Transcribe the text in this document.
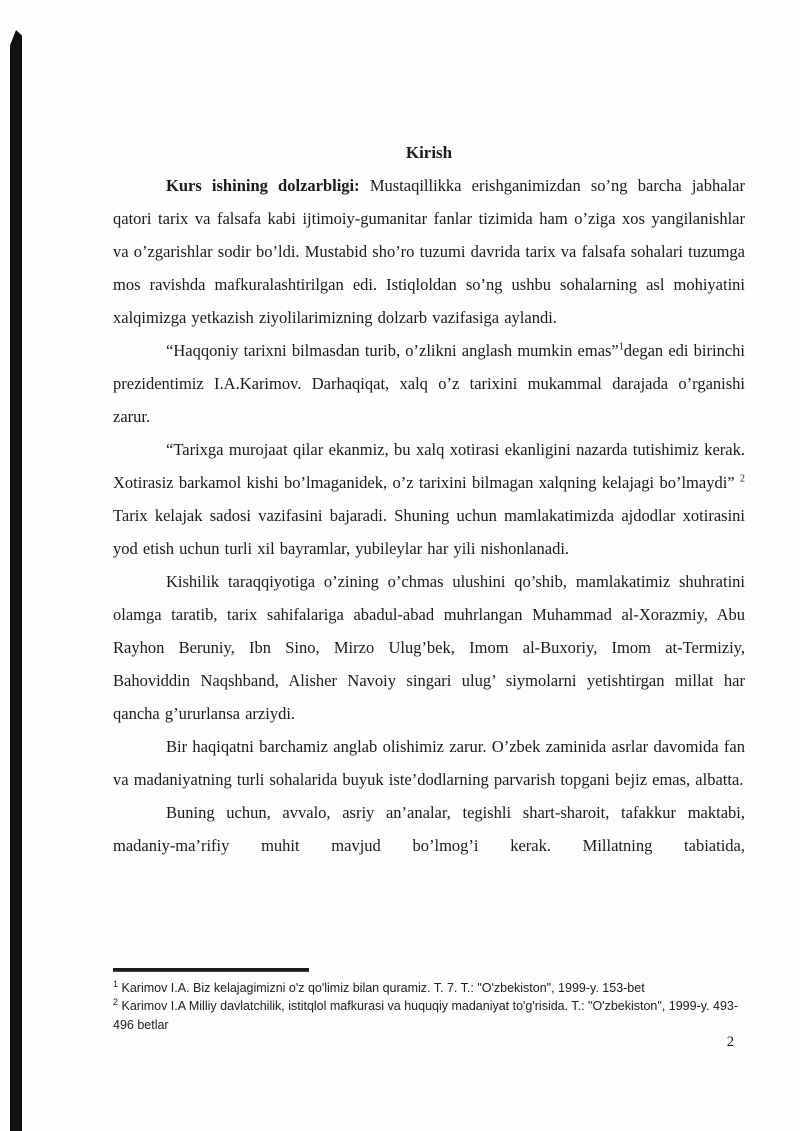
Kirish

Kurs ishining dolzarbligi: Mustaqillikka erishganimizdan so’ng barcha jabhalar qatori tarix va falsafa kabi ijtimoiy-gumanitar fanlar tizimida ham o’ziga xos yangilanishlar va o’zgarishlar sodir bo’ldi. Mustabid sho’ro tuzumi davrida tarix va falsafa sohalari tuzumga mos ravishda mafkuralashtirilgan edi. Istiqloldan so’ng ushbu sohalarning asl mohiyatini xalqimizga yetkazish ziyolilarimizning dolzarb vazifasiga aylandi.

“Haqqoniy tarixni bilmasdan turib, o’zlikni anglash mumkin emas”$^1$degan edi birinchi prezidentimiz I.A.Karimov. Darhaqiqat, xalq o’z tarixini mukammal darajada o’rganishi zarur.

“Tarixga murojaat qilar ekanmiz, bu xalq xotirasi ekanligini nazarda tutishimiz kerak. Xotirasiz barkamol kishi bo’lmaganidek, o’z tarixini bilmagan xalqning kelajagi bo’lmaydi” $^2$ Tarix kelajak sadosi vazifasini bajaradi. Shuning uchun mamlakatimizda ajdodlar xotirasini yod etish uchun turli xil bayramlar, yubileylar har yili nishonlanadi.

Kishilik taraqqiyotiga o’zining o’chmas ulushini qo’shib, mamlakatimiz shuhratini olamga taratib, tarix sahifalariga abadul-abad muhrlangan Muhammad al-Xorazmiy, Abu Rayhon Beruniy, Ibn Sino, Mirzo Ulug’bek, Imom al-Buxoriy, Imom at-Termiziy, Bahoviddin Naqshband, Alisher Navoiy singari ulug’ siymolarni yetishtirgan millat har qancha g’ururlansa arziydi.

Bir haqiqatni barchamiz anglab olishimiz zarur. O’zbek zaminida asrlar davomida fan va madaniyatning turli sohalarida buyuk iste’dodlarning parvarish topgani bejiz emas, albatta.

Buning uchun, avvalo, asriy an’analar, tegishli shart-sharoit, tafakkur maktabi, madaniy-ma’rifiy muhit mavjud bo’lmog’i kerak. Millatning tabiatida,

$^1$ Karimov I.A. Biz kelajagimizni o'z qo'limiz bilan quramiz. T. 7. T.: "O'zbekiston", 1999-y. 153-bet

$^2$ Karimov I.A Milliy davlatchilik, istitqlol mafkurasi va huquqiy madaniyat to'g'risida. T.: "O'zbekiston", 1999-y. 493-496 betlar

2
